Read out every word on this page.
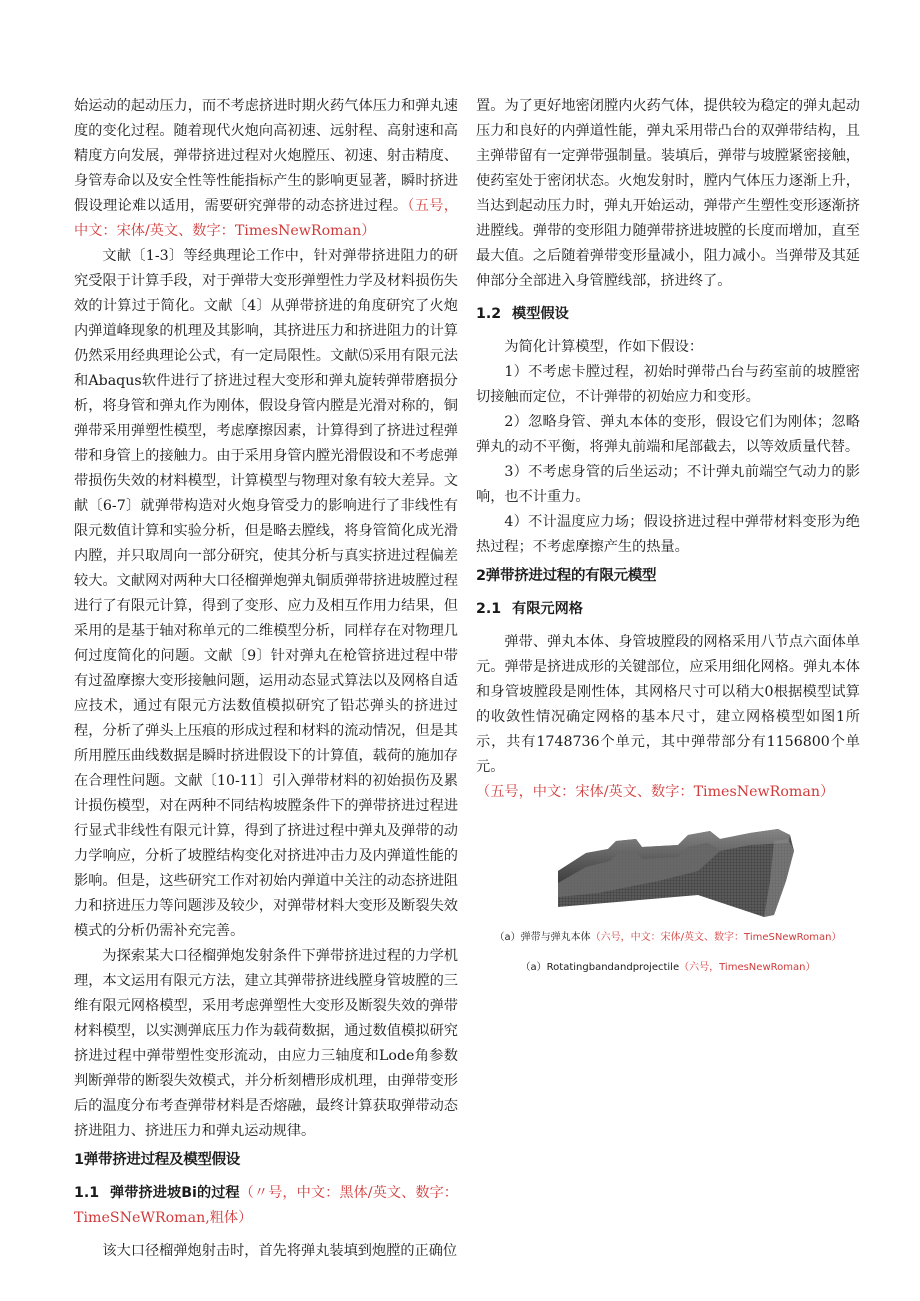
始运动的起动压力，而不考虑挤进时期火药气体压力和弹丸速度的变化过程。随着现代火炮向高初速、远射程、高射速和高精度方向发展，弹带挤进过程对火炮膛压、初速、射击精度、身管寿命以及安全性等性能指标产生的影响更显著，瞬时挤进假设理论难以适用，需要研究弹带的动态挤进过程。（五号，中文：宋体/英文、数字：TimesNewRoman）

文献〔1-3〕等经典理论工作中，针对弹带挤进阻力的研究受限于计算手段，对于弹带大变形弹塑性力学及材料损伤失效的计算过于简化。文献〔4〕从弹带挤进的角度研究了火炮内弹道峰现象的机理及其影响，其挤进压力和挤进阻力的计算仍然采用经典理论公式，有一定局限性。文献⑸采用有限元法和Abaqus软件进行了挤进过程大变形和弹丸旋转弹带磨损分析，将身管和弹丸作为刚体，假设身管内膛是光滑对称的，铜弹带采用弹塑性模型，考虑摩擦因素，计算得到了挤进过程弹带和身管上的接触力。由于采用身管内膛光滑假设和不考虑弹带损伤失效的材料模型，计算模型与物理对象有较大差异。文献〔6-7〕就弹带构造对火炮身管受力的影响进行了非线性有限元数值计算和实验分析，但是略去膛线，将身管简化成光滑内膛，并只取周向一部分研究，使其分析与真实挤进过程偏差较大。文献网对两种大口径榴弹炮弹丸铜质弹带挤进坡膛过程进行了有限元计算，得到了变形、应力及相互作用力结果，但采用的是基于轴对称单元的二维模型分析，同样存在对物理几何过度简化的问题。文献〔9〕针对弹丸在枪管挤进过程中带有过盈摩擦大变形接触问题，运用动态显式算法以及网格自适应技术，通过有限元方法数值模拟研究了铅芯弹头的挤进过程，分析了弹头上压痕的形成过程和材料的流动情况，但是其所用膛压曲线数据是瞬时挤进假设下的计算值，载荷的施加存在合理性问题。文献〔10-11〕引入弹带材料的初始损伤及累计损伤模型，对在两种不同结构坡膛条件下的弹带挤进过程进行显式非线性有限元计算，得到了挤进过程中弹丸及弹带的动力学响应，分析了坡膛结构变化对挤进冲击力及内弹道性能的影响。但是，这些研究工作对初始内弹道中关注的动态挤进阻力和挤进压力等问题涉及较少，对弹带材料大变形及断裂失效模式的分析仍需补充完善。

为探索某大口径榴弹炮发射条件下弹带挤进过程的力学机理，本文运用有限元方法，建立其弹带挤进线膛身管坡膛的三维有限元网格模型，采用考虑弹塑性大变形及断裂失效的弹带材料模型，以实测弹底压力作为载荷数据，通过数值模拟研究挤进过程中弹带塑性变形流动，由应力三轴度和Lode角参数判断弹带的断裂失效模式，并分析刻槽形成机理，由弹带变形后的温度分布考查弹带材料是否熔融，最终计算获取弹带动态挤进阻力、挤进压力和弹丸运动规律。

1弹带挤进过程及模型假设
1.1 弹带挤进坡Bi的过程（〃号，中文：黑体/英文、数字：TimeSNeWRoman,粗体）

该大口径榴弹炮射击时，首先将弹丸装填到炮膛的正确位

置。为了更好地密闭膛内火药气体，提供较为稳定的弹丸起动压力和良好的内弹道性能，弹丸采用带凸台的双弹带结构，且主弹带留有一定弹带强制量。装填后，弹带与坡膛紧密接触，使药室处于密闭状态。火炮发射时，膛内气体压力逐渐上升，当达到起动压力时，弹丸开始运动，弹带产生塑性变形逐渐挤进膛线。弹带的变形阻力随弹带挤进坡膛的长度而增加，直至最大值。之后随着弹带变形量减小，阻力减小。当弹带及其延伸部分全部进入身管膛线部，挤进终了。

1.2 模型假设

为简化计算模型，作如下假设：

1）不考虑卡膛过程，初始时弹带凸台与药室前的坡膛密切接触而定位，不计弹带的初始应力和变形。

2）忽略身管、弹丸本体的变形，假设它们为刚体；忽略弹丸的动不平衡，将弹丸前端和尾部截去，以等效质量代替。

3）不考虑身管的后坐运动；不计弹丸前端空气动力的影响，也不计重力。

4）不计温度应力场；假设挤进过程中弹带材料变形为绝热过程；不考虑摩擦产生的热量。

2弹带挤进过程的有限元模型
2.1 有限元网格

弹带、弹丸本体、身管坡膛段的网格采用八节点六面体单元。弹带是挤进成形的关键部位，应采用细化网格。弹丸本体和身管坡膛段是刚性体，其网格尺寸可以稍大0根据模型试算的收敛性情况确定网格的基本尺寸，建立网格模型如图1所示，共有1748736个单元，其中弹带部分有1156800个单元。
（五号，中文：宋体/英文、数字：TimesNewRoman）

（a）弹带与弹丸本体（六号，中文：宋体/英文、数字：TimeSNewRoman）
（a）Rotatingbandandprojectile（六号，TimesNewRoman）
